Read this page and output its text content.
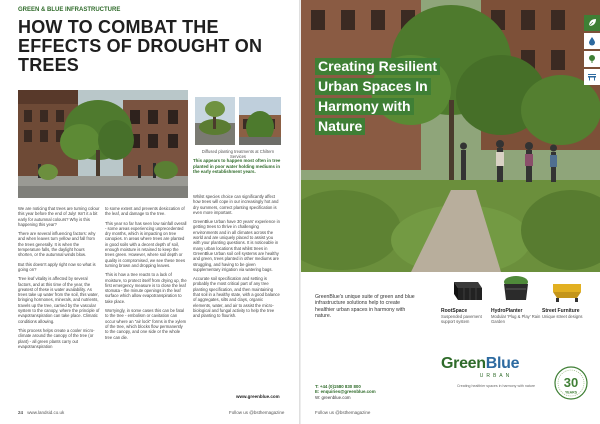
GREEN & BLUE INFRASTRUCTURE
HOW TO COMBAT THE EFFECTS OF DROUGHT ON TREES
Diffused planting treatments at Chiltern Services

We are noticing that trees are turning colour this year before the end of July! Isn't it a bit early for autumnal colours? Why is this happening this year?

There are several influencing factors: why and when leaves turn yellow and fall from the trees generally. It is when the temperature falls, the daylight hours shorten, or the autumnal winds blow.

But this doesn't apply right now so what is going on?

Tree leaf vitality is affected by several factors, and at this time of the year, the greatest of these is water availability. As trees take up water from the soil, this water, bringing hormones, minerals, and nutrients, travels up the tree, carried by the vascular system to the canopy, where the principle of evapotranspiration can take place. Climatic conditions allowing.

This process helps create a cooler micro-climate around the canopy of the tree (or plant) - all green plants carry out evapotranspiration

to some extent and prevents desiccation of the leaf, and damage to the tree.

This year so far has seen low rainfall overall - some areas experiencing unprecedented dry months, which is impacting on tree canopies. In areas where trees are planted in good soils with a decent depth of soil, enough moisture is retained to keep the trees green. However, where soil depth or quality is compromised, we see these trees turning brown and dropping leaves.

This is how a tree reacts to a lack of moisture, to protect itself from drying up, the first emergency measure is to close the leaf stomata - the minute openings in the leaf surface which allow evapotranspiration to take place.

Worryingly, in some cases this can be fatal to the tree - embolism or cavitation can occur where an "air lock" forms in the xylem of the tree, which blocks flow permanently to the canopy, and one side or the whole tree can die.

This appears to happen most often in tree planted in poor water holding mediums in the early establishment years.

Whilst species choice can significantly affect how trees will cope in our increasingly hot and dry summers, correct planting specification is even more important.

GreenBlue Urban have 30 years' experience in getting trees to thrive in challenging environments and in all climates across the world and are uniquely placed to assist you with your planting questions. It is noticeable in many urban locations that whilst trees in GreenBlue Urban soil cell systems are healthy and green, trees planted in other mediums are struggling, and having to be given supplementary irrigation via watering bags.

Accurate soil specification and setting is probably the most critical part of any tree planting specification, and then maintaining that soil in a healthy state, with a good balance of aggregates, silts and clays, organic elements, water, and air to assist the micro-biological and fungal activity to help the tree and planting to flourish.

www.greenblue.com
24 www.landsid.co.uk	Follow us @bsthemagazine
Creating Resilient
Urban Spaces In
Harmony with
Nature
GreenBlue's unique suite of green and blue infrastructure solutions help to create healthier urban spaces in harmony with nature.
RootSpace
Suspended pavement support system
HydroPlanter
Modular 'Plug & Play' Rain Garden
Street Furniture
Unique street designs
T: +44 (0)1580 830 800
E: enquiries@greenblue.com
W: greenblue.com
GreenBlue
URBAN
Creating healthier spaces in harmony with nature	30
YEARS
Follow us @bsthemagazine
